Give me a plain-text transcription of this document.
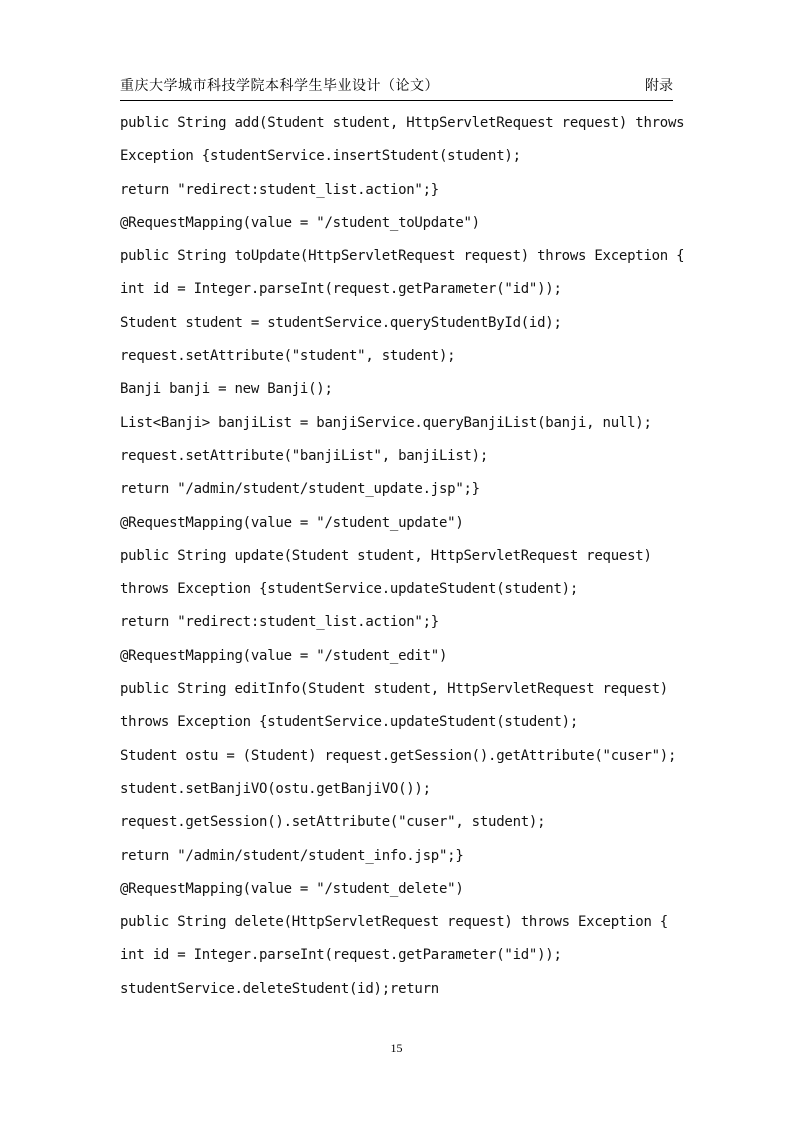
重庆大学城市科技学院本科学生毕业设计（论文）	附录
public String add(Student student, HttpServletRequest request) throws
Exception {studentService.insertStudent(student);
return "redirect:student_list.action";}
@RequestMapping(value = "/student_toUpdate")
public String toUpdate(HttpServletRequest request) throws Exception {
int id = Integer.parseInt(request.getParameter("id"));
Student student = studentService.queryStudentById(id);
request.setAttribute("student", student);
Banji banji = new Banji();
List<Banji> banjiList = banjiService.queryBanjiList(banji, null);
request.setAttribute("banjiList", banjiList);
return "/admin/student/student_update.jsp";}
@RequestMapping(value = "/student_update")
public String update(Student student, HttpServletRequest request)
throws Exception {studentService.updateStudent(student);
return "redirect:student_list.action";}
@RequestMapping(value = "/student_edit")
public String editInfo(Student student, HttpServletRequest request)
throws Exception {studentService.updateStudent(student);
Student ostu = (Student) request.getSession().getAttribute("cuser");
student.setBanjiVO(ostu.getBanjiVO());
request.getSession().setAttribute("cuser", student);
return "/admin/student/student_info.jsp";}
@RequestMapping(value = "/student_delete")
public String delete(HttpServletRequest request) throws Exception {
int id = Integer.parseInt(request.getParameter("id"));
studentService.deleteStudent(id);return
15
